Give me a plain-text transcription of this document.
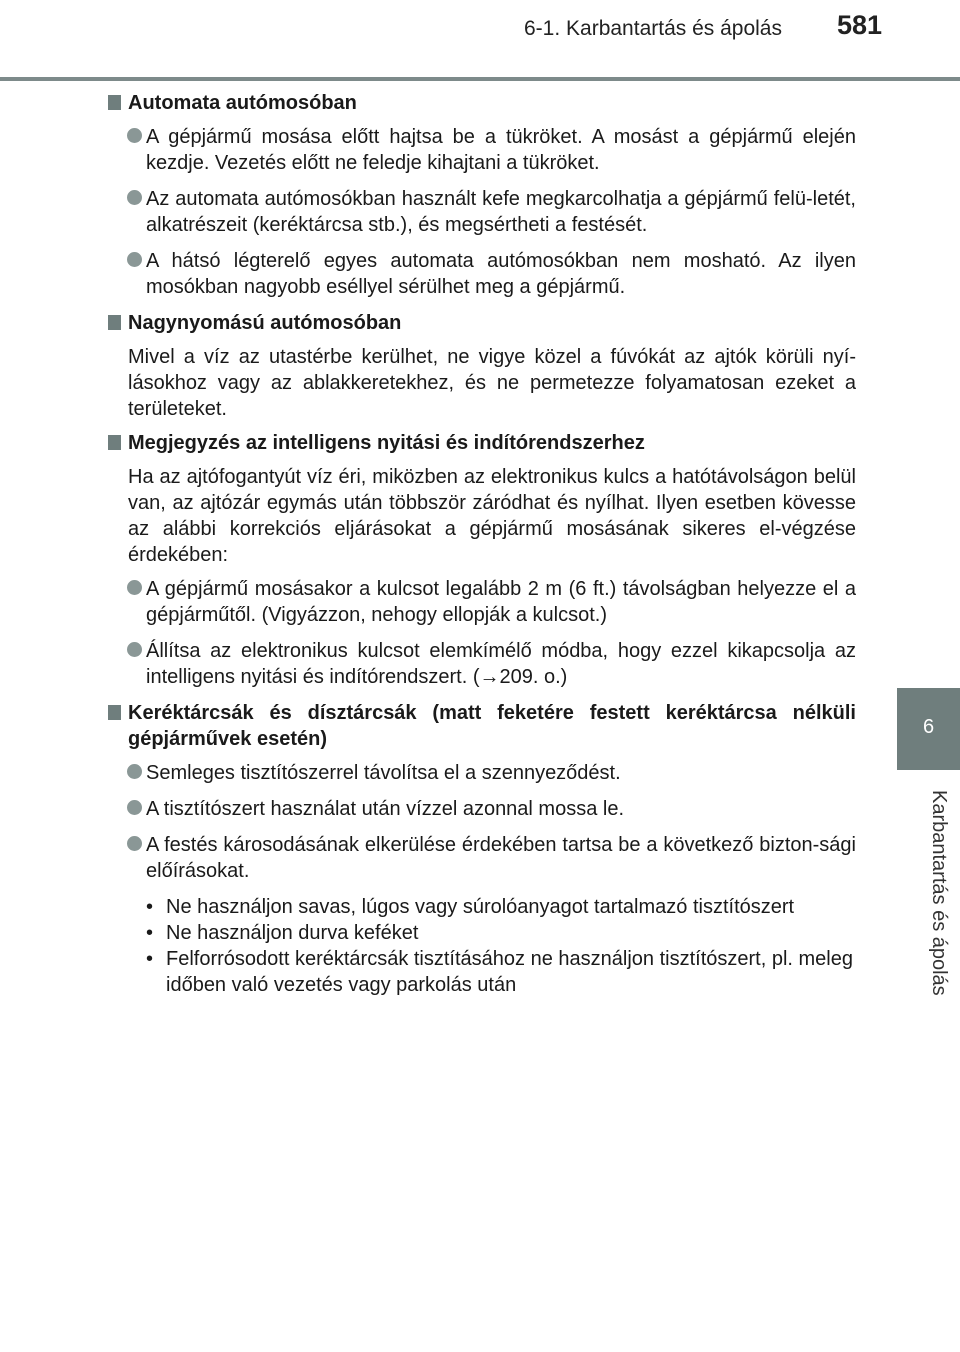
6-1. Karbantartás és ápolás 581
6
Karbantartás és ápolás
Automata autómosóban
A gépjármű mosása előtt hajtsa be a tükröket. A mosást a gépjármű elején kezdje. Vezetés előtt ne feledje kihajtani a tükröket.
Az automata autómosókban használt kefe megkarcolhatja a gépjármű felü-letét, alkatrészeit (keréktárcsa stb.), és megsértheti a festését.
A hátsó légterelő egyes automata autómosókban nem mosható. Az ilyen mosókban nagyobb eséllyel sérülhet meg a gépjármű.
Nagynyomású autómosóban
Mivel a víz az utastérbe kerülhet, ne vigye közel a fúvókát az ajtók körüli nyí-lásokhoz vagy az ablakkeretekhez, és ne permetezze folyamatosan ezeket a területeket.
Megjegyzés az intelligens nyitási és indítórendszerhez
Ha az ajtófogantyút víz éri, miközben az elektronikus kulcs a hatótávolságon belül van, az ajtózár egymás után többször záródhat és nyílhat. Ilyen esetben kövesse az alábbi korrekciós eljárásokat a gépjármű mosásának sikeres el-végzése érdekében:
A gépjármű mosásakor a kulcsot legalább 2 m (6 ft.) távolságban helyezze el a gépjárműtől. (Vigyázzon, nehogy ellopják a kulcsot.)
Állítsa az elektronikus kulcsot elemkímélő módba, hogy ezzel kikapcsolja az intelligens nyitási és indítórendszert. (→209. o.)
Keréktárcsák és dísztárcsák (matt feketére festett keréktárcsa nélküli gépjárművek esetén)
Semleges tisztítószerrel távolítsa el a szennyeződést.
A tisztítószert használat után vízzel azonnal mossa le.
A festés károsodásának elkerülése érdekében tartsa be a következő bizton-sági előírásokat.
• Ne használjon savas, lúgos vagy súrolóanyagot tartalmazó tisztítószert
• Ne használjon durva keféket
• Felforrósodott keréktárcsák tisztításához ne használjon tisztítószert, pl. meleg időben való vezetés vagy parkolás után
